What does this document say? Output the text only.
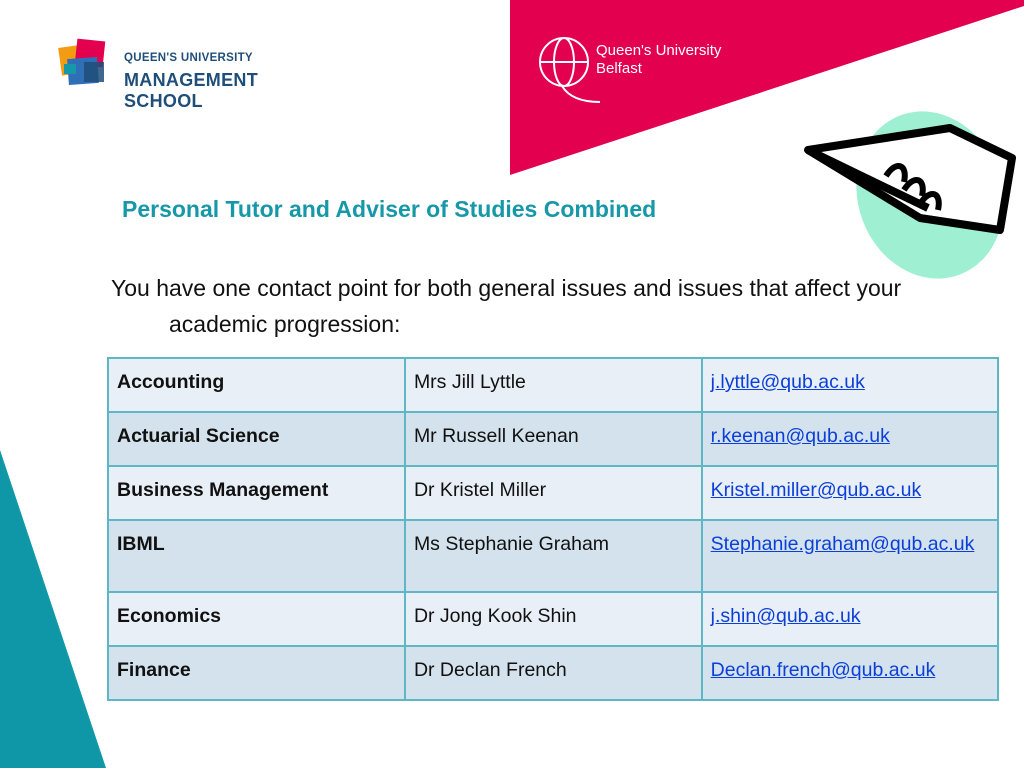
QUEEN'S UNIVERSITY
MANAGEMENT
SCHOOL
Queen's University
Belfast
Personal Tutor and Adviser of Studies Combined
You have one contact point for both general issues and issues that affect your academic progression:
Accounting	Mrs Jill Lyttle	j.lyttle@qub.ac.uk
Actuarial Science	Mr Russell Keenan	r.keenan@qub.ac.uk
Business Management	Dr Kristel Miller	Kristel.miller@qub.ac.uk
IBML	Ms Stephanie Graham	Stephanie.graham@qub.ac.uk
Economics	Dr Jong Kook Shin	j.shin@qub.ac.uk
Finance	Dr Declan French	Declan.french@qub.ac.uk
